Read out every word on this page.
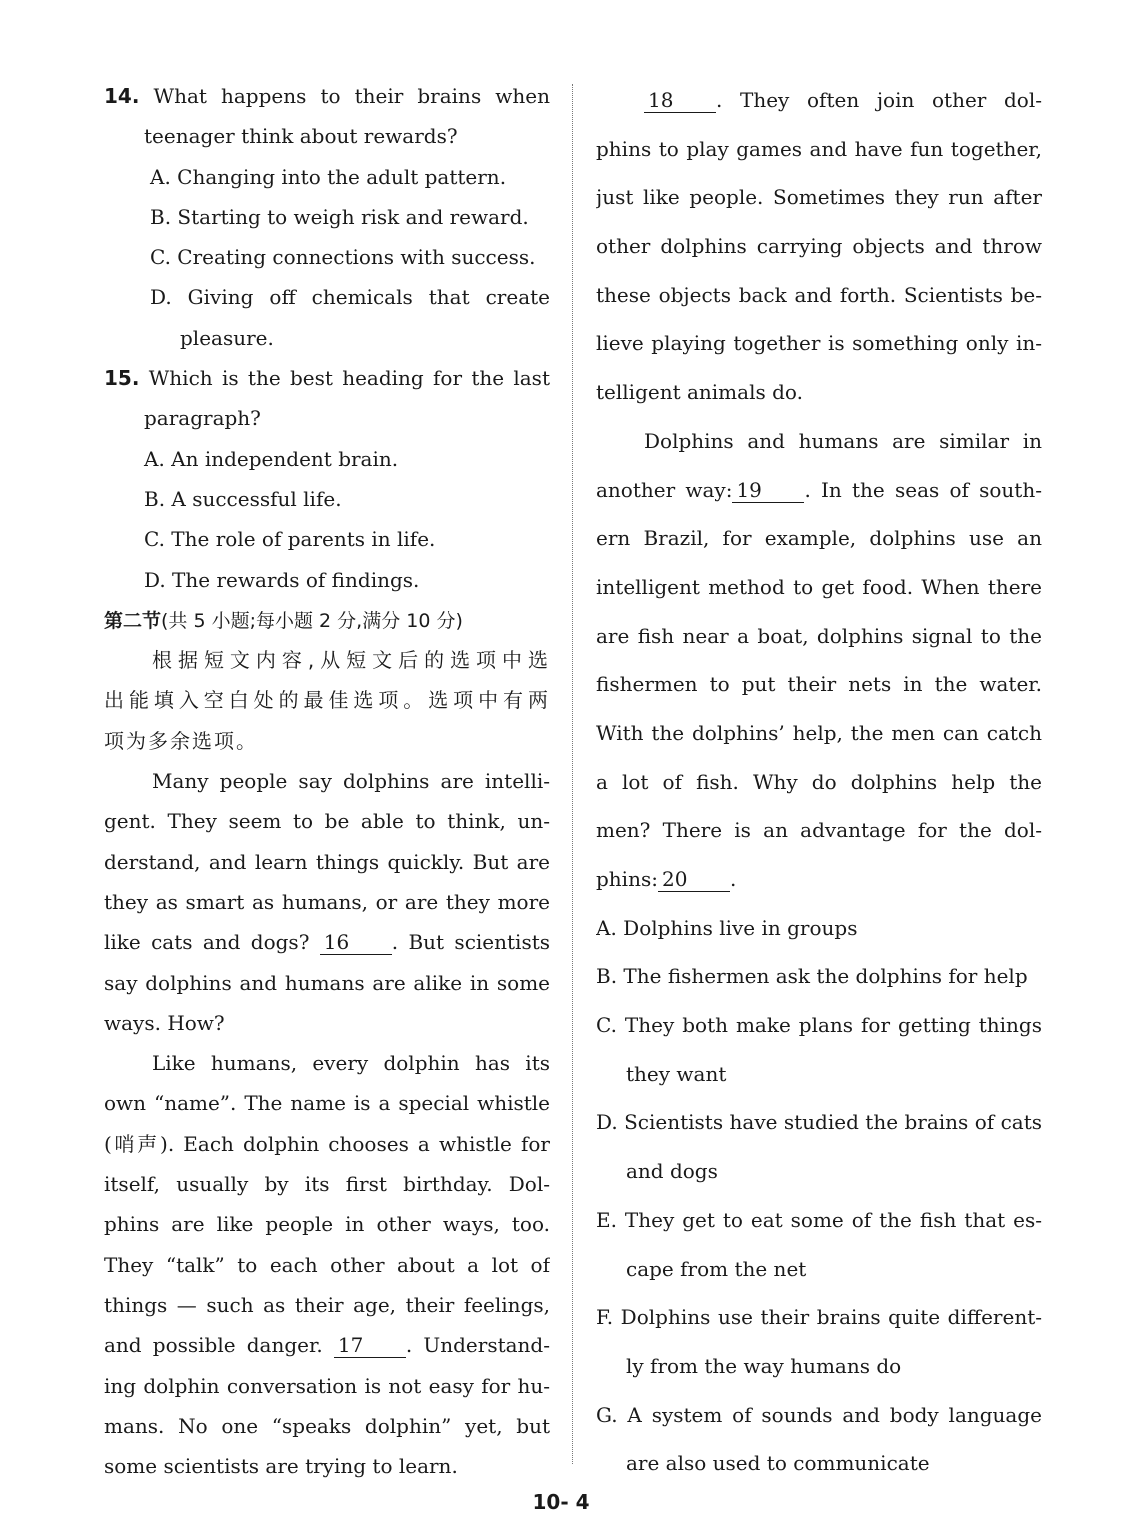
14. What happens to their brains when
teenager think about rewards?
A. Changing into the adult pattern.
B. Starting to weigh risk and reward.
C. Creating connections with success.
D. Giving off chemicals that create
pleasure.
15. Which is the best heading for the last
paragraph?
A. An independent brain.
B. A successful life.
C. The role of parents in life.
D. The rewards of findings.
第二节(共 5 小题;每小题 2 分,满分 10 分)
根据短文内容,从短文后的选项中选
出能填入空白处的最佳选项。选项中有两
项为多余选项。
Many people say dolphins are intelli-
gent. They seem to be able to think, un-
derstand, and learn things quickly. But are
they as smart as humans, or are they more
like cats and dogs? 16 . But scientists
say dolphins and humans are alike in some
ways. How?
Like humans, every dolphin has its
own “name”. The name is a special whistle
(哨声). Each dolphin chooses a whistle for
itself, usually by its first birthday. Dol-
phins are like people in other ways, too.
They “talk” to each other about a lot of
things — such as their age, their feelings,
and possible danger. 17 . Understand-
ing dolphin conversation is not easy for hu-
mans. No one “speaks dolphin” yet, but
some scientists are trying to learn.
18 . They often join other dol-
phins to play games and have fun together,
just like people. Sometimes they run after
other dolphins carrying objects and throw
these objects back and forth. Scientists be-
lieve playing together is something only in-
telligent animals do.
Dolphins and humans are similar in
another way: 19 . In the seas of south-
ern Brazil, for example, dolphins use an
intelligent method to get food. When there
are fish near a boat, dolphins signal to the
fishermen to put their nets in the water.
With the dolphins’ help, the men can catch
a lot of fish. Why do dolphins help the
men? There is an advantage for the dol-
phins: 20 .
A. Dolphins live in groups
B. The fishermen ask the dolphins for help
C. They both make plans for getting things
they want
D. Scientists have studied the brains of cats
and dogs
E. They get to eat some of the fish that es-
cape from the net
F. Dolphins use their brains quite different-
ly from the way humans do
G. A system of sounds and body language
are also used to communicate
10- 4
